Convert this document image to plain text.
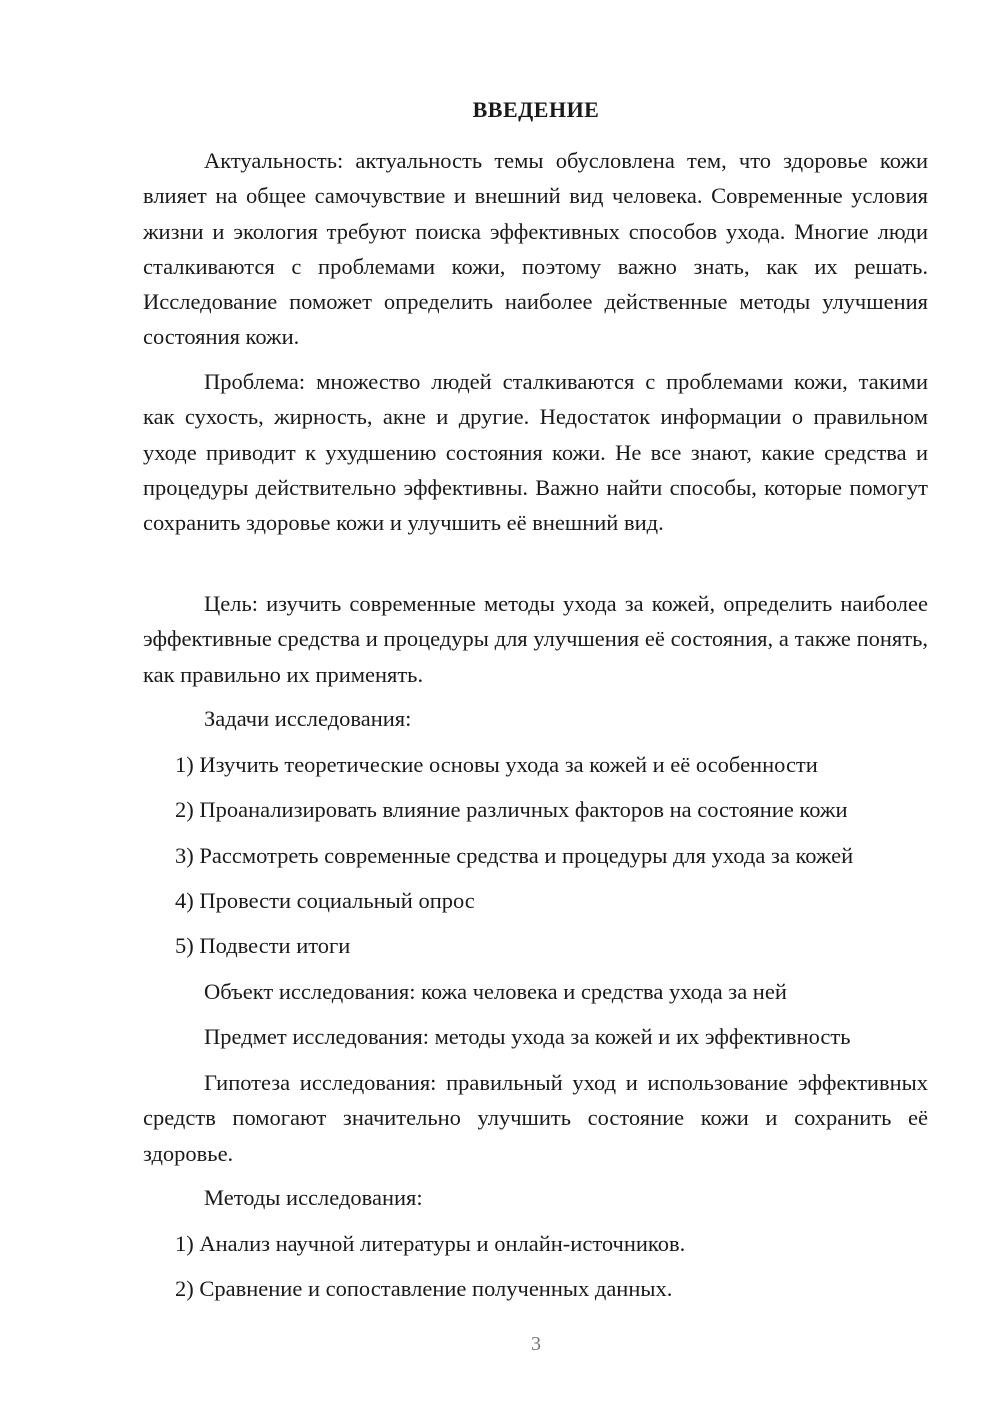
ВВЕДЕНИЕ
Актуальность: актуальность темы обусловлена тем, что здоровье кожи влияет на общее самочувствие и внешний вид человека. Современные условия жизни и экология требуют поиска эффективных способов ухода. Многие люди сталкиваются с проблемами кожи, поэтому важно знать, как их решать. Исследование поможет определить наиболее действенные методы улучшения состояния кожи.
Проблема: множество людей сталкиваются с проблемами кожи, такими как сухость, жирность, акне и другие. Недостаток информации о правильном уходе приводит к ухудшению состояния кожи. Не все знают, какие средства и процедуры действительно эффективны. Важно найти способы, которые помогут сохранить здоровье кожи и улучшить её внешний вид.
Цель: изучить современные методы ухода за кожей, определить наиболее эффективные средства и процедуры для улучшения её состояния, а также понять, как правильно их применять.
Задачи исследования:
1) Изучить теоретические основы ухода за кожей и её особенности
2) Проанализировать влияние различных факторов на состояние кожи
3) Рассмотреть современные средства и процедуры для ухода за кожей
4) Провести социальный опрос
5) Подвести итоги
Объект исследования: кожа человека и средства ухода за ней
Предмет исследования: методы ухода за кожей и их эффективность
Гипотеза исследования: правильный уход и использование эффективных средств помогают значительно улучшить состояние кожи и сохранить её здоровье.
Методы исследования:
1) Анализ научной литературы и онлайн-источников.
2) Сравнение и сопоставление полученных данных.
3
